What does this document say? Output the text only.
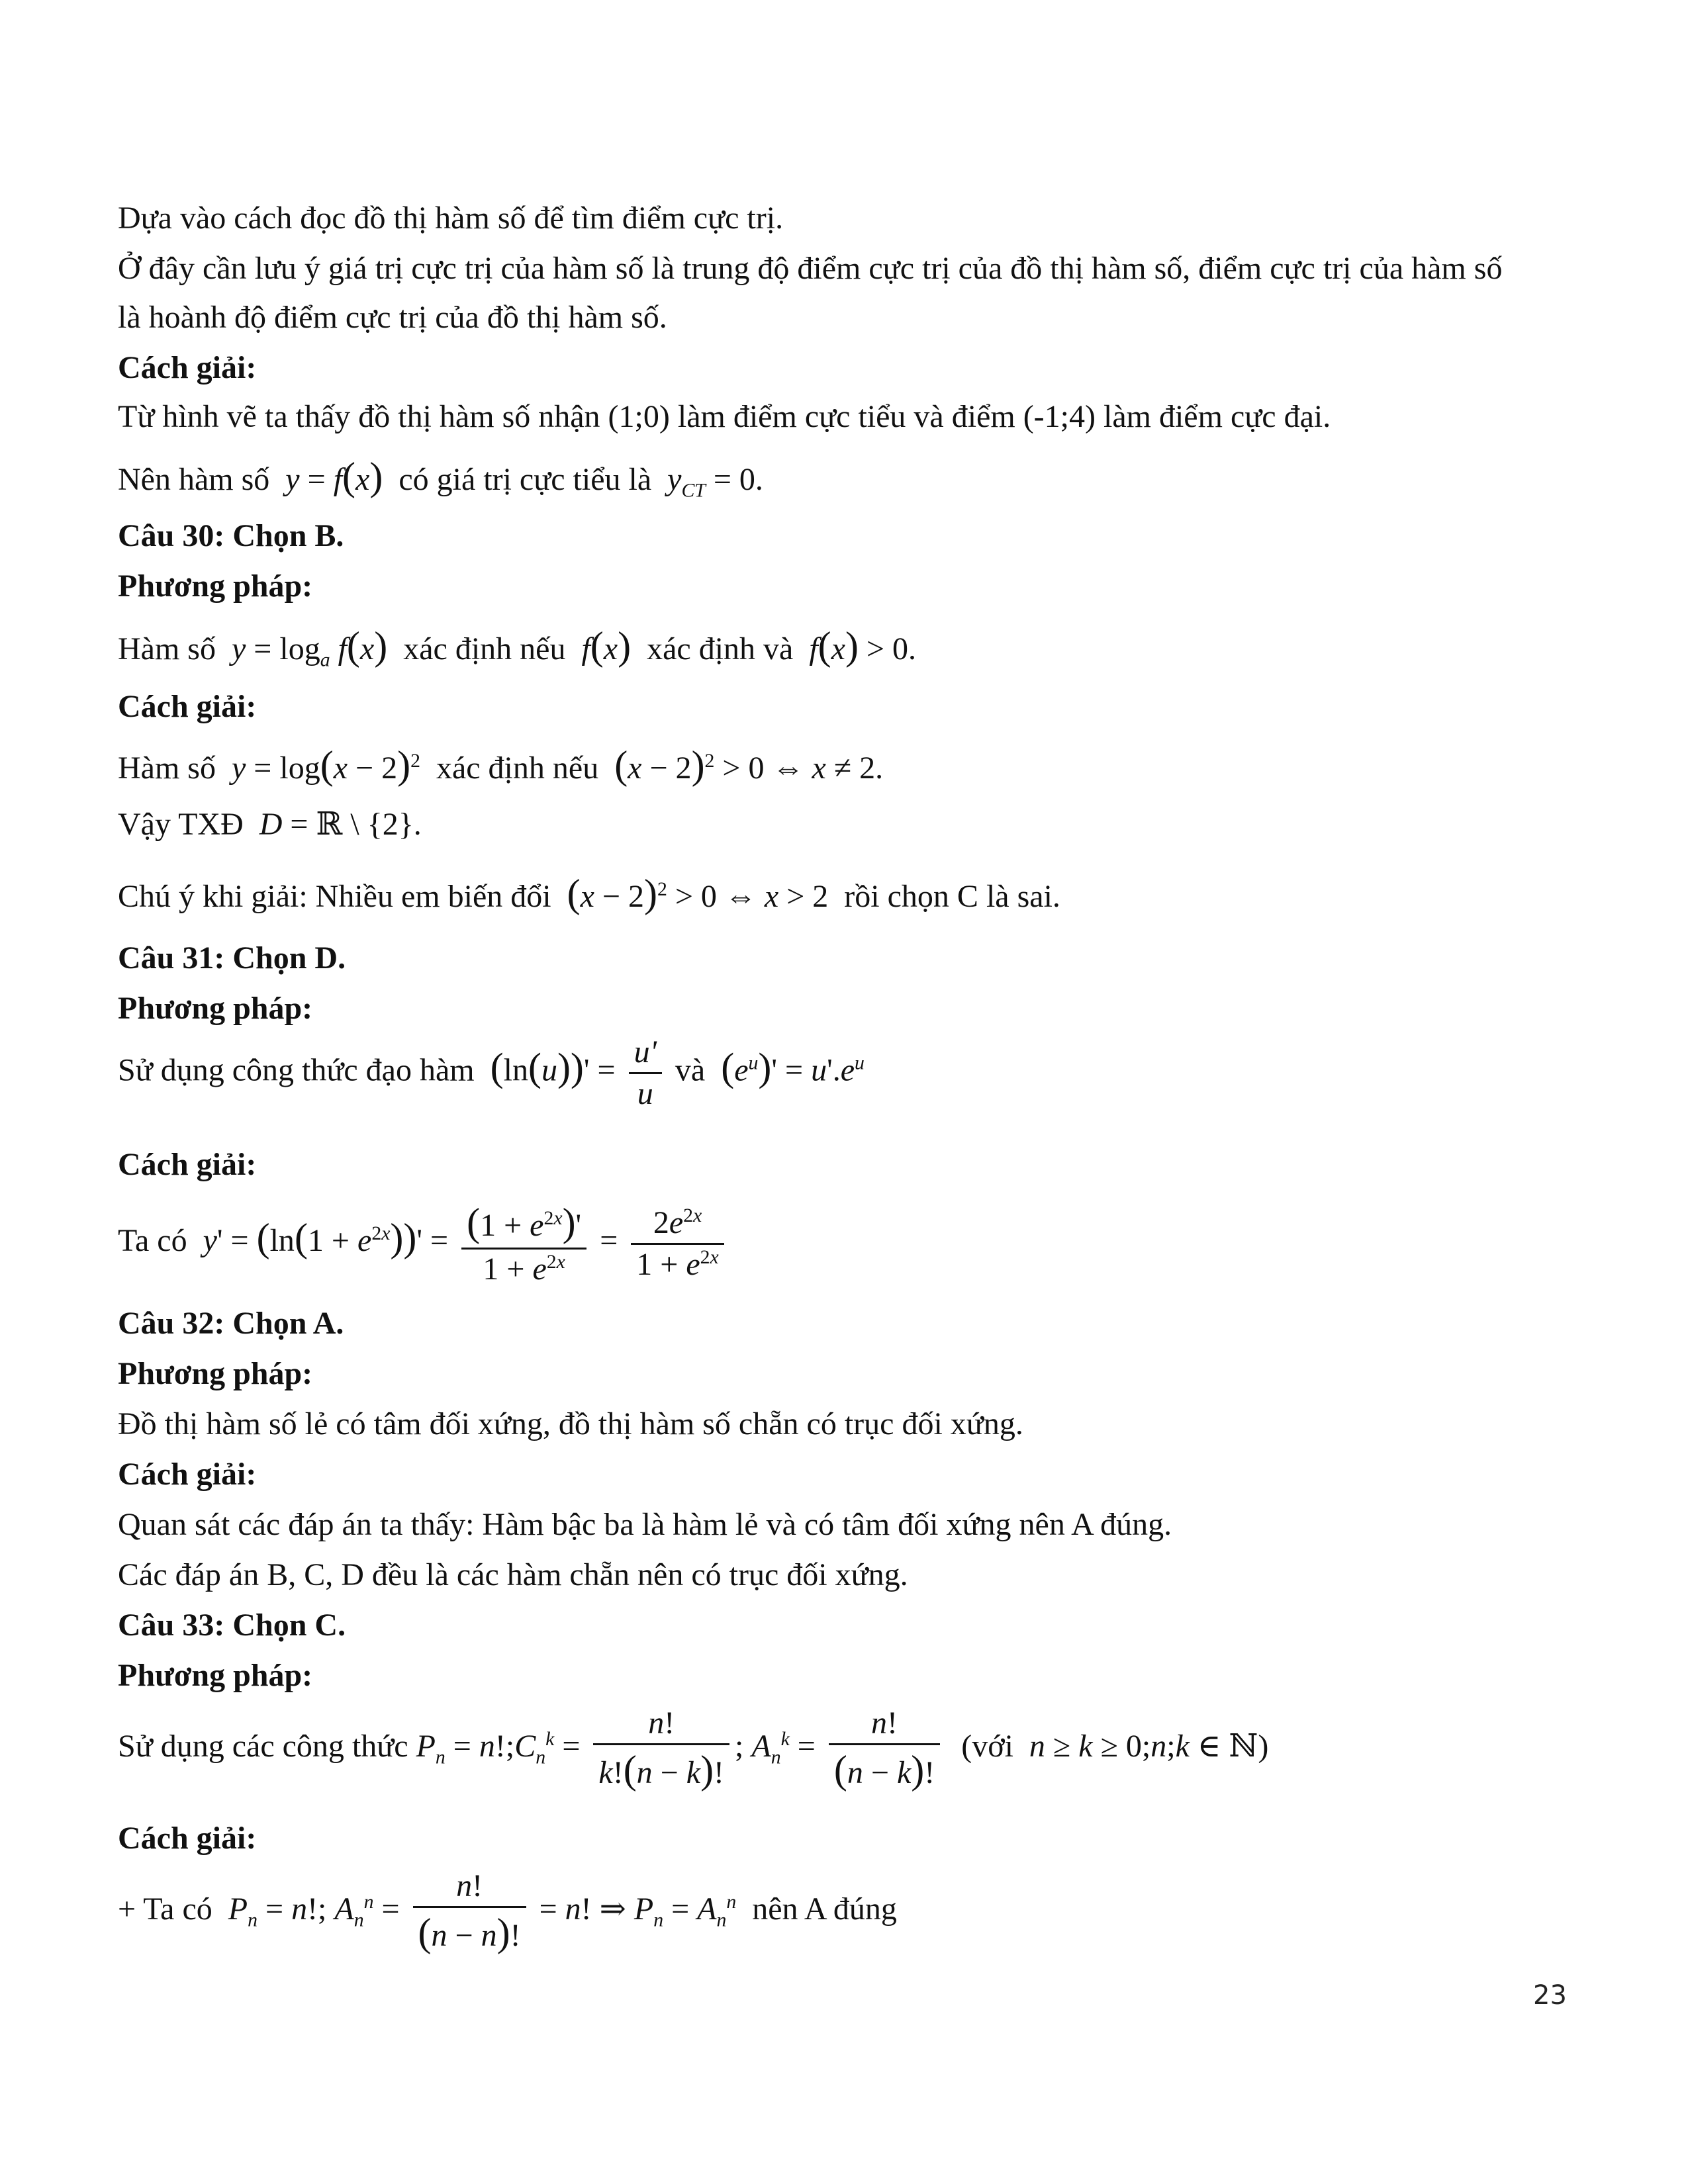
Dựa vào cách đọc đồ thị hàm số để tìm điểm cực trị.
Ở đây cần lưu ý giá trị cực trị của hàm số là trung độ điểm cực trị của đồ thị hàm số, điểm cực trị của hàm số
là hoành độ điểm cực trị của đồ thị hàm số.
Cách giải:
Từ hình vẽ ta thấy đồ thị hàm số nhận (1;0) làm điểm cực tiểu và điểm (-1;4) làm điểm cực đại.
Nên hàm số y = f(x) có giá trị cực tiểu là $y_{CT} = 0$.
Câu 30: Chọn B.
Phương pháp:
Hàm số $y = \log_a f(x)$ xác định nếu f(x) xác định và f(x) > 0.
Cách giải:
Hàm số $y = \log(x - 2)^2$ xác định nếu $(x - 2)^2 > 0$ ⇔ x ≠ 2.
Vậy TXĐ D = ℝ \ {2}.
Chú ý khi giải: Nhiều em biến đổi $(x - 2)^2 > 0$ ⇔ x > 2  rồi chọn C là sai.
Câu 31: Chọn D.
Phương pháp:
Sử dụng công thức đạo hàm $(\ln(u))' = \frac{u'}{u}$ và $(e^u)' = u'.e^u$
Cách giải:
Ta có $y' = (\ln(1 + e^{2x}))' = \frac{(1 + e^{2x})'}{1 + e^{2x}} = \frac{2e^{2x}}{1 + e^{2x}}$
Câu 32: Chọn A.
Phương pháp:
Đồ thị hàm số lẻ có tâm đối xứng, đồ thị hàm số chẵn có trục đối xứng.
Cách giải:
Quan sát các đáp án ta thấy: Hàm bậc ba là hàm lẻ và có tâm đối xứng nên A đúng.
Các đáp án B, C, D đều là các hàm chẵn nên có trục đối xứng.
Câu 33: Chọn C.
Phương pháp:
Sử dụng các công thức $P_n$ = $n!;C_n^k = \frac{n!}{k!(n - k)!}$ ; $A_n^k = \frac{n!}{(n - k)!}$ (với n ≥ k ≥ 0;n;k ∈ ℕ)
Cách giải:
+ Ta có $P_n = n$!; $A_n^n = \frac{n!}{(n - n)!} = n$! ⇒ $P_n = A_n^n$ nên A đúng
23
